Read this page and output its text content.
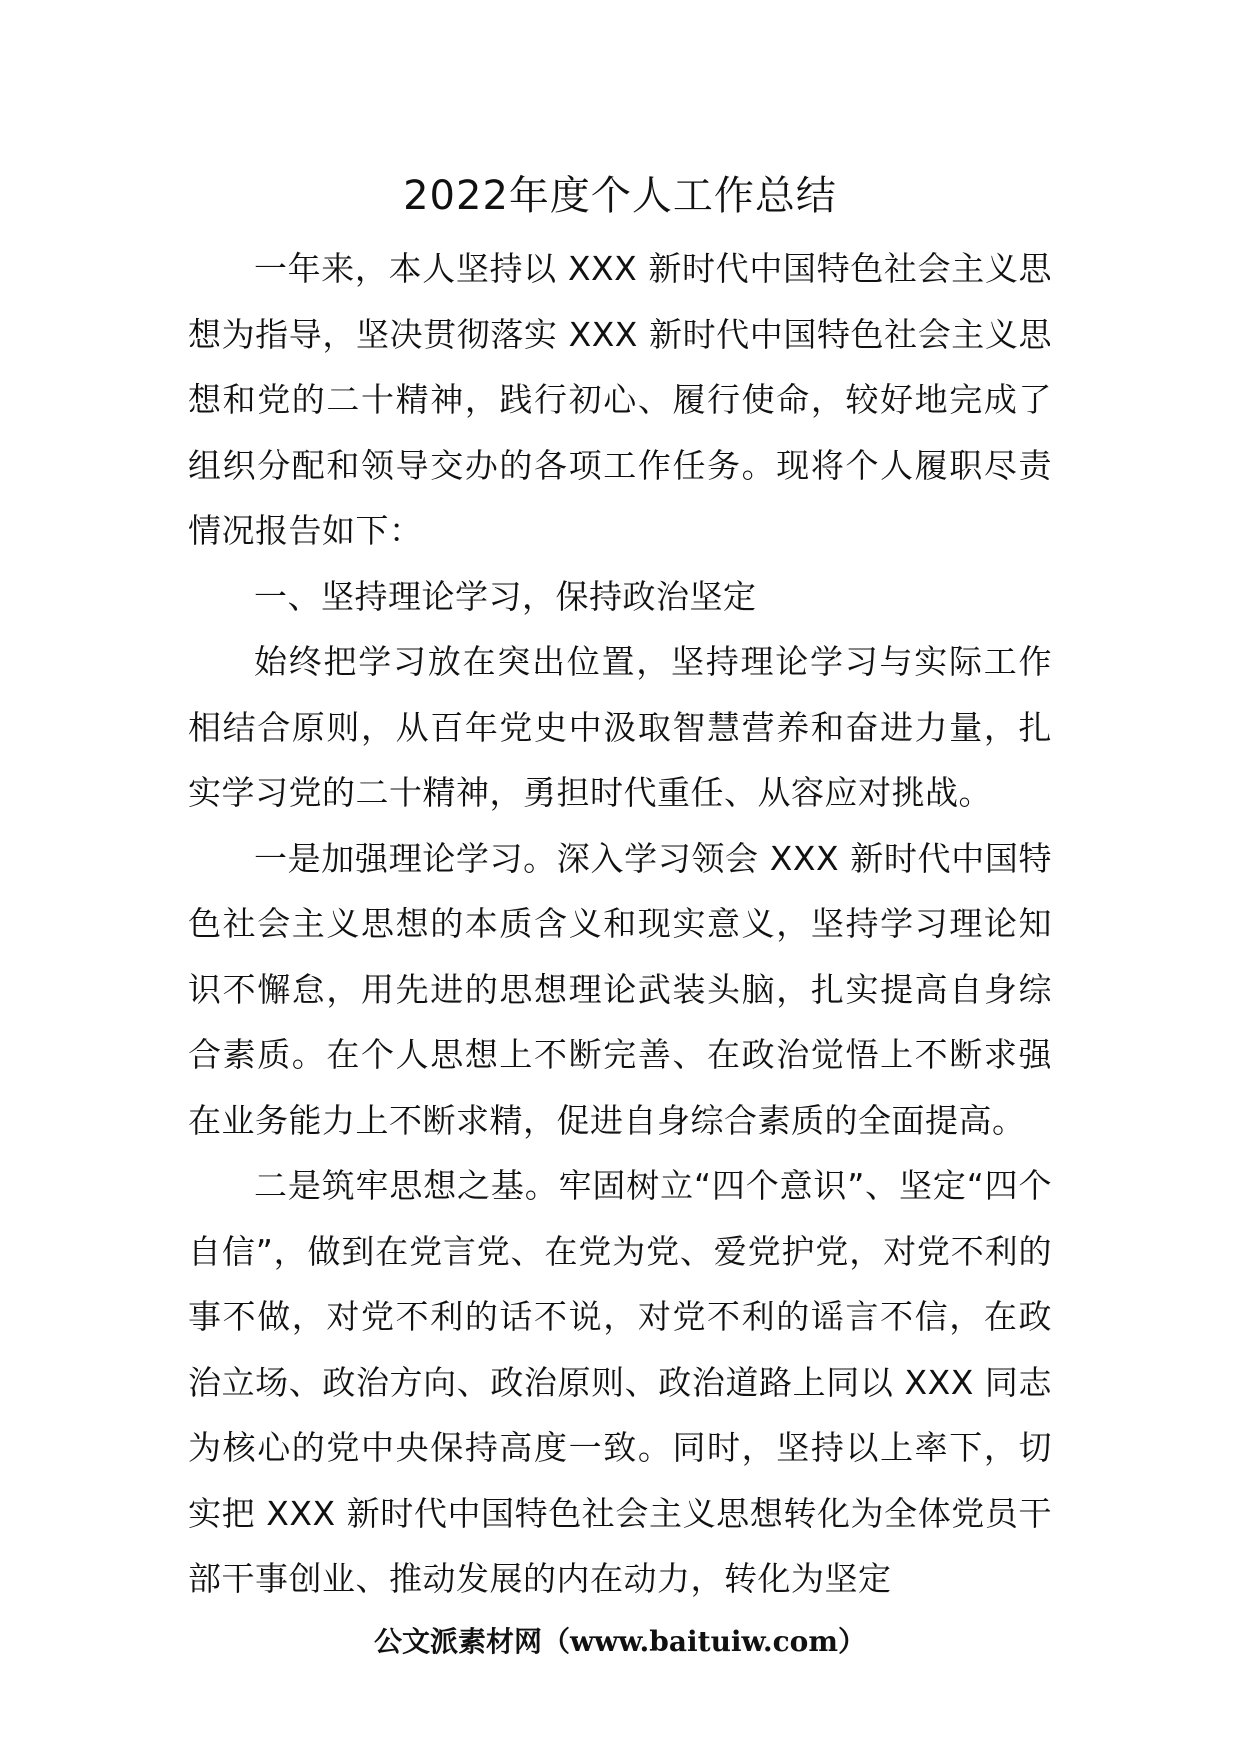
2022年度个人工作总结

一年来，本人坚持以 XXX 新时代中国特色社会主义思想为指导，坚决贯彻落实 XXX 新时代中国特色社会主义思想和党的二十精神，践行初心、履行使命，较好地完成了组织分配和领导交办的各项工作任务。现将个人履职尽责情况报告如下：

一、坚持理论学习，保持政治坚定

始终把学习放在突出位置，坚持理论学习与实际工作相结合原则，从百年党史中汲取智慧营养和奋进力量，扎实学习党的二十精神，勇担时代重任、从容应对挑战。

一是加强理论学习。深入学习领会 XXX 新时代中国特色社会主义思想的本质含义和现实意义，坚持学习理论知识不懈怠，用先进的思想理论武装头脑，扎实提高自身综合素质。在个人思想上不断完善、在政治觉悟上不断求强在业务能力上不断求精，促进自身综合素质的全面提高。

二是筑牢思想之基。牢固树立“四个意识”、坚定“四个自信”，做到在党言党、在党为党、爱党护党，对党不利的事不做，对党不利的话不说，对党不利的谣言不信，在政治立场、政治方向、政治原则、政治道路上同以 XXX 同志为核心的党中央保持高度一致。同时，坚持以上率下，切实把 XXX 新时代中国特色社会主义思想转化为全体党员干部干事创业、推动发展的内在动力，转化为坚定

公文派素材网（www.baituiw.com）
